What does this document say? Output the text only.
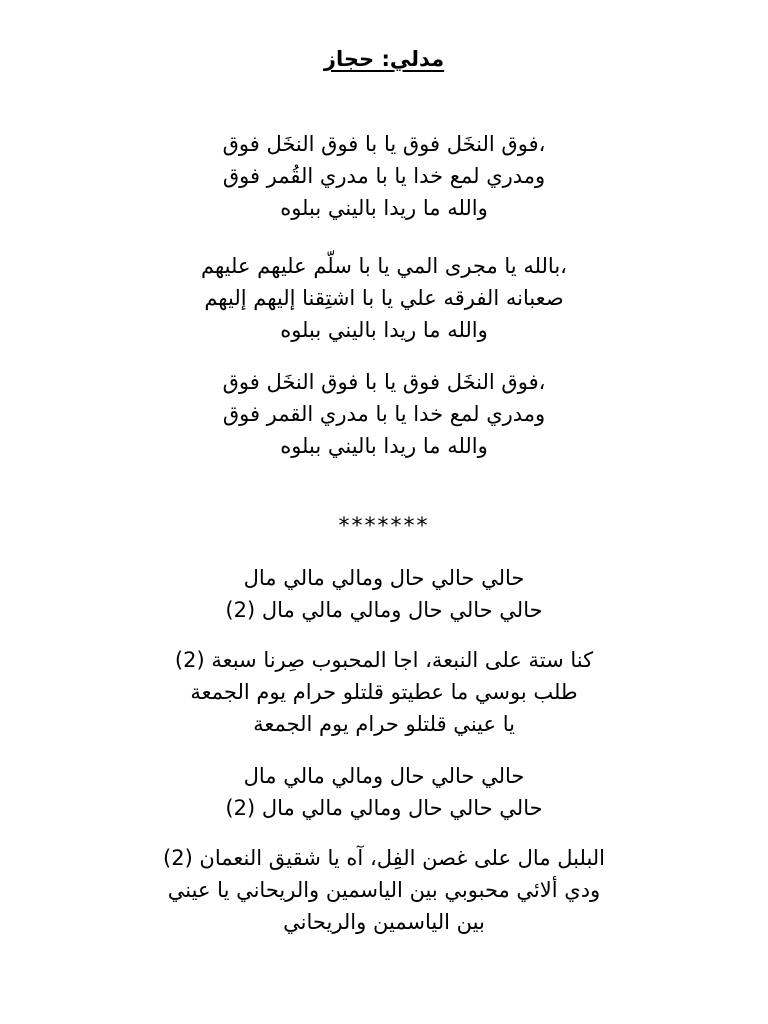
مدلي: حجاز
،فوق النخَل فوق يا با فوق النخَل فوق
ومدري لمع خدا يا با مدري القُمر فوق
والله ما ريدا باليني ببلوه
،بالله يا مجرى المي يا با سلّم عليهم عليهم
صعبانه الفرقه علي يا با اشتِقنا إليهم إليهم
والله ما ريدا باليني ببلوه
،فوق النخَل فوق يا با فوق النخَل فوق
ومدري لمع خدا يا با مدري القمر فوق
والله ما ريدا باليني ببلوه
*******
حالي حالي حال ومالي مالي مال
حالي حالي حال ومالي مالي مال (2)
كنا ستة على النبعة، اجا المحبوب صِرنا سبعة (2)
طلب بوسي ما عطيتو قلتلو حرام يوم الجمعة
يا عيني قلتلو حرام يوم الجمعة
حالي حالي حال ومالي مالي مال
حالي حالي حال ومالي مالي مال (2)
البلبل مال على غصن الفِل، آه يا شقيق النعمان (2)
ودي ألائي محبوبي بين الياسمين والريحاني يا عيني
بين الياسمين والريحاني
